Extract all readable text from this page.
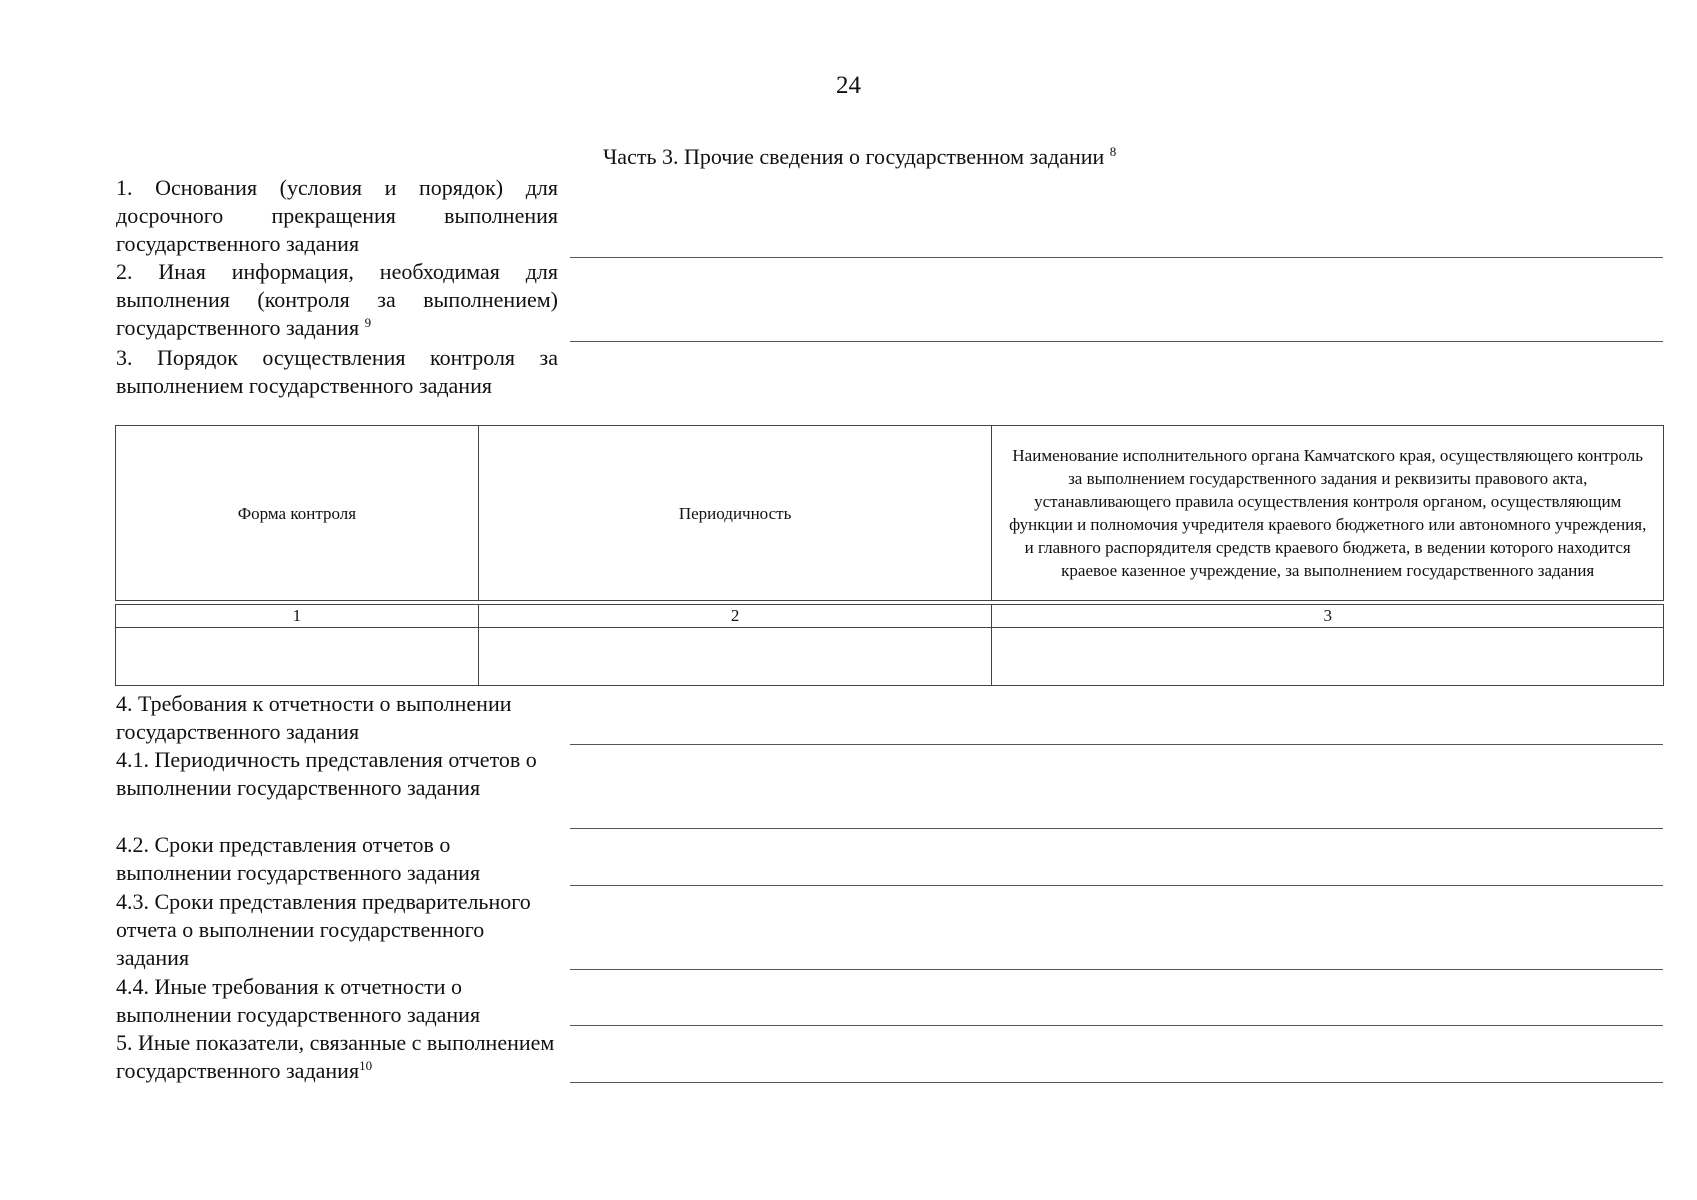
24
Часть 3. Прочие сведения о государственном задании $^8$
1. Основания (условия и порядок) для досрочного прекращения выполнения государственного задания
2. Иная информация, необходимая для выполнения (контроля за выполнением) государственного задания $^9$
3. Порядок осуществления контроля за выполнением государственного задания
Форма контроля	Периодичность	Наименование исполнительного органа Камчатского края, осуществляющего контроль за выполнением государственного задания и реквизиты правового акта, устанавливающего правила осуществления контроля органом, осуществляющим функции и полномочия учредителя краевого бюджетного или автономного учреждения, и главного распорядителя средств краевого бюджета, в ведении которого находится краевое казенное учреждение, за выполнением государственного задания

1	2	3

4. Требования к отчетности о выполнении государственного задания
4.1. Периодичность представления отчетов о выполнении государственного задания
4.2. Сроки представления отчетов о выполнении государственного задания
4.3. Сроки представления предварительного отчета о выполнении государственного задания
4.4. Иные требования к отчетности о выполнении государственного задания
5. Иные показатели, связанные с выполнением государственного задания$^{10}$
